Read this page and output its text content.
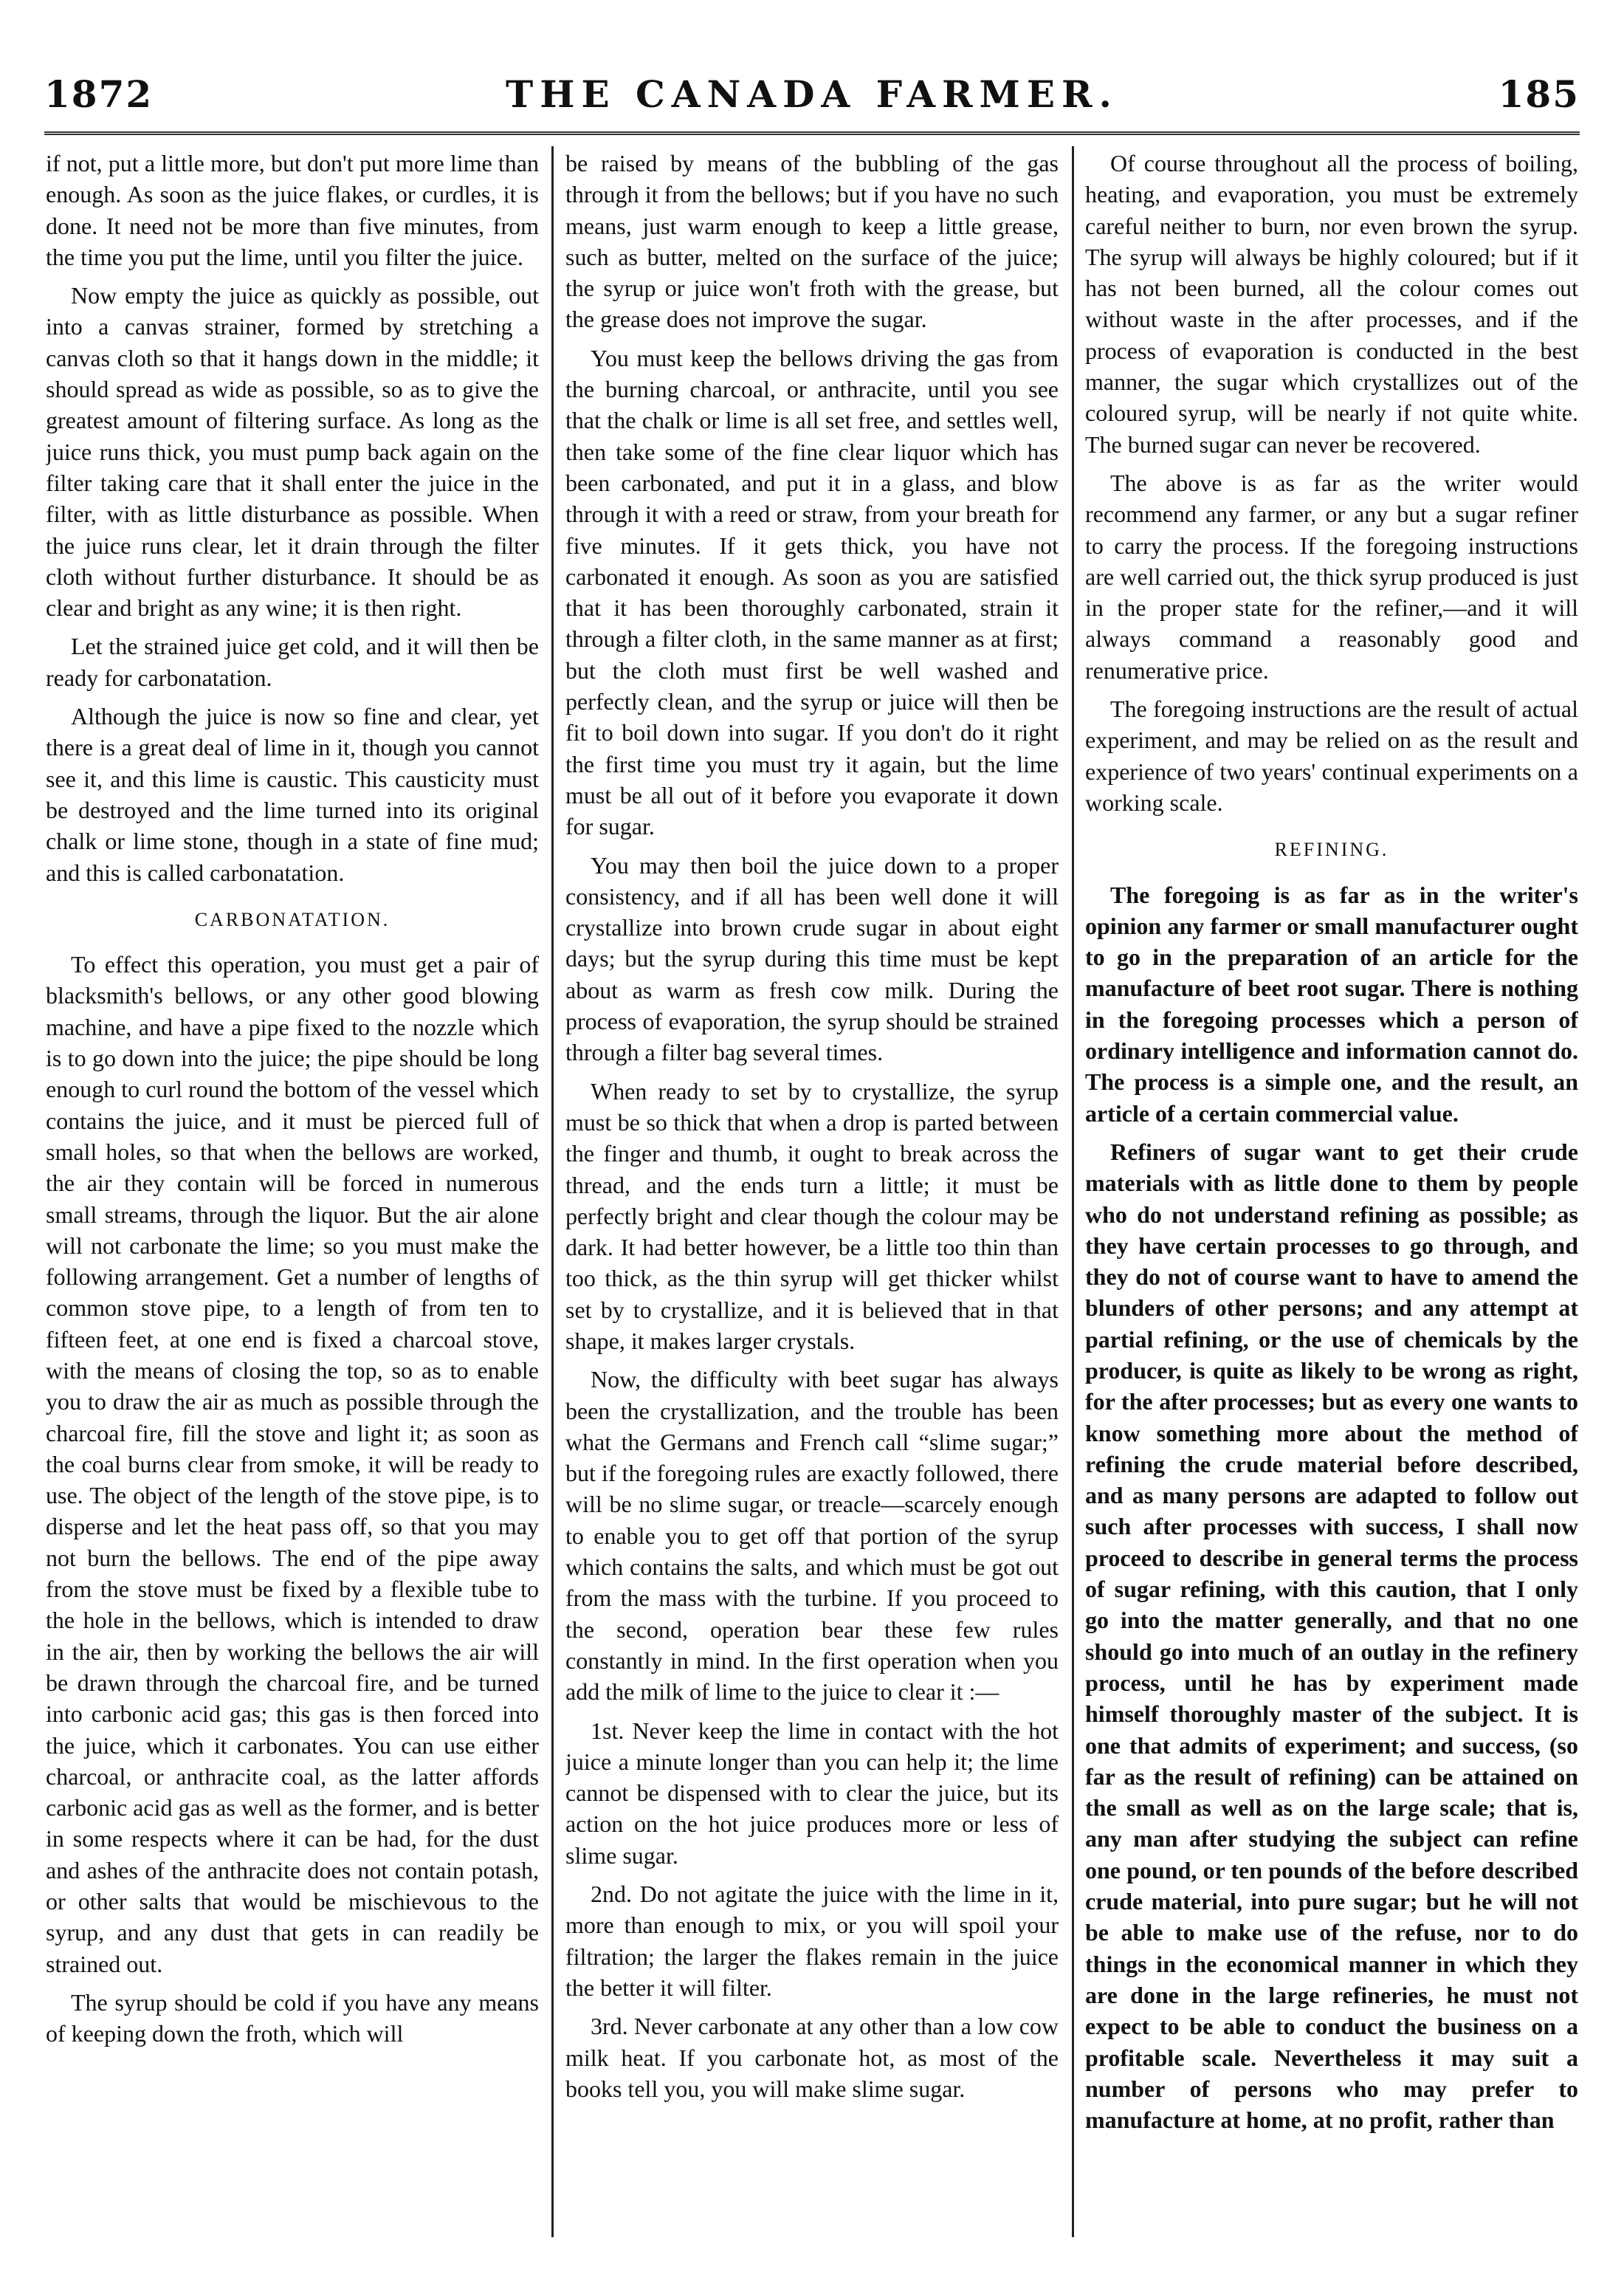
1872	THE CANADA FARMER.	185

if not, put a little more, but don't put more lime than enough. As soon as the juice flakes, or curdles, it is done. It need not be more than five minutes, from the time you put the lime, until you filter the juice.

Now empty the juice as quickly as possible, out into a canvas strainer, formed by stretching a canvas cloth so that it hangs down in the middle; it should spread as wide as possible, so as to give the greatest amount of filtering surface. As long as the juice runs thick, you must pump back again on the filter taking care that it shall enter the juice in the filter, with as little disturbance as possible. When the juice runs clear, let it drain through the filter cloth without further disturbance. It should be as clear and bright as any wine; it is then right.

Let the strained juice get cold, and it will then be ready for carbonatation.

Although the juice is now so fine and clear, yet there is a great deal of lime in it, though you cannot see it, and this lime is caustic. This causticity must be destroyed and the lime turned into its original chalk or lime stone, though in a state of fine mud; and this is called carbonatation.

CARBONATATION.

To effect this operation, you must get a pair of blacksmith's bellows, or any other good blowing machine, and have a pipe fixed to the nozzle which is to go down into the juice; the pipe should be long enough to curl round the bottom of the vessel which contains the juice, and it must be pierced full of small holes, so that when the bellows are worked, the air they contain will be forced in numerous small streams, through the liquor. But the air alone will not carbonate the lime; so you must make the following arrangement. Get a number of lengths of common stove pipe, to a length of from ten to fifteen feet, at one end is fixed a charcoal stove, with the means of closing the top, so as to enable you to draw the air as much as possible through the charcoal fire, fill the stove and light it; as soon as the coal burns clear from smoke, it will be ready to use. The object of the length of the stove pipe, is to disperse and let the heat pass off, so that you may not burn the bellows. The end of the pipe away from the stove must be fixed by a flexible tube to the hole in the bellows, which is intended to draw in the air, then by working the bellows the air will be drawn through the charcoal fire, and be turned into carbonic acid gas; this gas is then forced into the juice, which it carbonates. You can use either charcoal, or anthracite coal, as the latter affords carbonic acid gas as well as the former, and is better in some respects where it can be had, for the dust and ashes of the anthracite does not contain potash, or other salts that would be mischievous to the syrup, and any dust that gets in can readily be strained out.

The syrup should be cold if you have any means of keeping down the froth, which will

be raised by means of the bubbling of the gas through it from the bellows; but if you have no such means, just warm enough to keep a little grease, such as butter, melted on the surface of the juice; the syrup or juice won't froth with the grease, but the grease does not improve the sugar.

You must keep the bellows driving the gas from the burning charcoal, or anthracite, until you see that the chalk or lime is all set free, and settles well, then take some of the fine clear liquor which has been carbonated, and put it in a glass, and blow through it with a reed or straw, from your breath for five minutes. If it gets thick, you have not carbonated it enough. As soon as you are satisfied that it has been thoroughly carbonated, strain it through a filter cloth, in the same manner as at first; but the cloth must first be well washed and perfectly clean, and the syrup or juice will then be fit to boil down into sugar. If you don't do it right the first time you must try it again, but the lime must be all out of it before you evaporate it down for sugar.

You may then boil the juice down to a proper consistency, and if all has been well done it will crystallize into brown crude sugar in about eight days; but the syrup during this time must be kept about as warm as fresh cow milk. During the process of evaporation, the syrup should be strained through a filter bag several times.

When ready to set by to crystallize, the syrup must be so thick that when a drop is parted between the finger and thumb, it ought to break across the thread, and the ends turn a little; it must be perfectly bright and clear though the colour may be dark. It had better however, be a little too thin than too thick, as the thin syrup will get thicker whilst set by to crystallize, and it is believed that in that shape, it makes larger crystals.

Now, the difficulty with beet sugar has always been the crystallization, and the trouble has been what the Germans and French call “slime sugar;” but if the foregoing rules are exactly followed, there will be no slime sugar, or treacle—scarcely enough to enable you to get off that portion of the syrup which contains the salts, and which must be got out from the mass with the turbine. If you proceed to the second, operation bear these few rules constantly in mind. In the first operation when you add the milk of lime to the juice to clear it :—

1st. Never keep the lime in contact with the hot juice a minute longer than you can help it; the lime cannot be dispensed with to clear the juice, but its action on the hot juice produces more or less of slime sugar.

2nd. Do not agitate the juice with the lime in it, more than enough to mix, or you will spoil your filtration; the larger the flakes remain in the juice the better it will filter.

3rd. Never carbonate at any other than a low cow milk heat. If you carbonate hot, as most of the books tell you, you will make slime sugar.

Of course throughout all the process of boiling, heating, and evaporation, you must be extremely careful neither to burn, nor even brown the syrup. The syrup will always be highly coloured; but if it has not been burned, all the colour comes out without waste in the after processes, and if the process of evaporation is conducted in the best manner, the sugar which crystallizes out of the coloured syrup, will be nearly if not quite white. The burned sugar can never be recovered.

The above is as far as the writer would recommend any farmer, or any but a sugar refiner to carry the process. If the foregoing instructions are well carried out, the thick syrup produced is just in the proper state for the refiner,—and it will always command a reasonably good and renumerative price.

The foregoing instructions are the result of actual experiment, and may be relied on as the result and experience of two years' continual experiments on a working scale.

REFINING.

The foregoing is as far as in the writer's opinion any farmer or small manufacturer ought to go in the preparation of an article for the manufacture of beet root sugar. There is nothing in the foregoing processes which a person of ordinary intelligence and information cannot do. The process is a simple one, and the result, an article of a certain commercial value.

Refiners of sugar want to get their crude materials with as little done to them by people who do not understand refining as possible; as they have certain processes to go through, and they do not of course want to have to amend the blunders of other persons; and any attempt at partial refining, or the use of chemicals by the producer, is quite as likely to be wrong as right, for the after processes; but as every one wants to know something more about the method of refining the crude material before described, and as many persons are adapted to follow out such after processes with success, I shall now proceed to describe in general terms the process of sugar refining, with this caution, that I only go into the matter generally, and that no one should go into much of an outlay in the refinery process, until he has by experiment made himself thoroughly master of the subject. It is one that admits of experiment; and success, (so far as the result of refining) can be attained on the small as well as on the large scale; that is, any man after studying the subject can refine one pound, or ten pounds of the before described crude material, into pure sugar; but he will not be able to make use of the refuse, nor to do things in the economical manner in which they are done in the large refineries, he must not expect to be able to conduct the business on a profitable scale. Nevertheless it may suit a number of persons who may prefer to manufacture at home, at no profit, rather than
